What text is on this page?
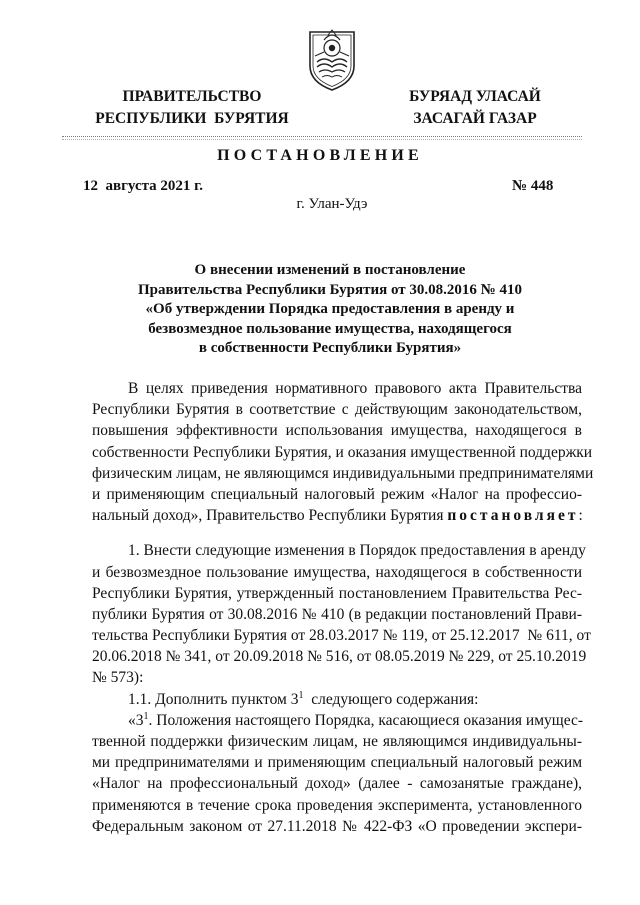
ПРАВИТЕЛЬСТВО
РЕСПУБЛИКИ  БУРЯТИЯ
БУРЯАД УЛАСАЙ
ЗАСАГАЙ ГАЗАР
ПОСТАНОВЛЕНИЕ
12  августа 2021 г.	№ 448
г. Улан-Удэ
О внесении изменений в постановление
Правительства Республики Бурятия от 30.08.2016 № 410
«Об утверждении Порядка предоставления в аренду и
безвозмездное пользование имущества, находящегося
в собственности Республики Бурятия»
В целях приведения нормативного правового акта Правительства
Республики Бурятия в соответствие с действующим законодательством,
повышения эффективности использования имущества, находящегося в
собственности Республики Бурятия, и оказания имущественной поддержки
физическим лицам, не являющимся индивидуальными предпринимателями
и применяющим специальный налоговый режим «Налог на профессио-
нальный доход», Правительство Республики Бурятия постановляет:
1. Внести следующие изменения в Порядок предоставления в аренду
и безвозмездное пользование имущества, находящегося в собственности
Республики Бурятия, утвержденный постановлением Правительства Рес-
публики Бурятия от 30.08.2016 № 410 (в редакции постановлений Прави-
тельства Республики Бурятия от 28.03.2017 № 119, от 25.12.2017  № 611, от
20.06.2018 № 341, от 20.09.2018 № 516, от 08.05.2019 № 229, от 25.10.2019
№ 573):
1.1. Дополнить пунктом $3^1$  следующего содержания:
«$3^1$. Положения настоящего Порядка, касающиеся оказания имущес-
твенной поддержки физическим лицам, не являющимся индивидуальны-
ми предпринимателями и применяющим специальный налоговый режим
«Налог на профессиональный доход» (далее - самозанятые граждане),
применяются в течение срока проведения эксперимента, установленного
Федеральным законом от 27.11.2018 № 422-ФЗ «О проведении экспери-
